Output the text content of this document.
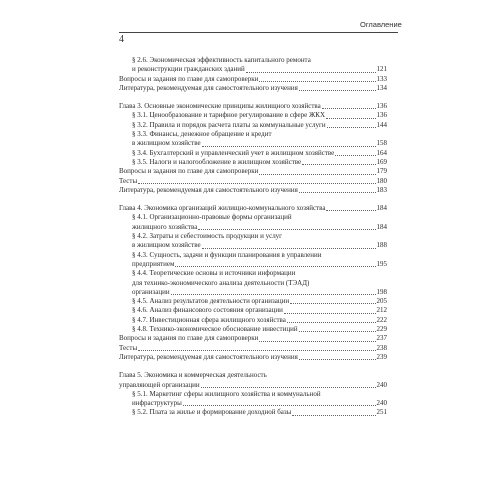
4
Оглавление
§ 2.6. Экономическая эффективность капитального ремонта
и реконструкции гражданских зданий	121
Вопросы и задания по главе для самопроверки	133
Литература, рекомендуемая для самостоятельного изучения	134
Глава 3. Основные экономические принципы жилищного хозяйства	136
§ 3.1. Ценообразование и тарифное регулирование в сфере ЖКХ	136
§ 3.2. Правила и порядок расчета платы за коммунальные услуги	144
§ 3.3. Финансы, денежное обращение и кредит
в жилищном хозяйстве	158
§ 3.4. Бухгалтерский и управленческий учет в жилищном хозяйстве	164
§ 3.5. Налоги и налогообложение в жилищном хозяйстве	169
Вопросы и задания по главе для самопроверки	179
Тесты	180
Литература, рекомендуемая для самостоятельного изучения	183
Глава 4. Экономика организаций жилищно-коммунального хозяйства	184
§ 4.1. Организационно-правовые формы организаций
жилищного хозяйства	184
§ 4.2. Затраты и себестоимость продукции и услуг
в жилищном хозяйстве	188
§ 4.3. Сущность, задачи и функции планирования в управлении
предприятием	195
§ 4.4. Теоретические основы и источники информации
для технико-экономического анализа деятельности (ТЭАД)
организации	198
§ 4.5. Анализ результатов деятельности организации	205
§ 4.6. Анализ финансового состояния организации	212
§ 4.7. Инвестиционная сфера жилищного хозяйства	222
§ 4.8. Технико-экономическое обоснование инвестиций	229
Вопросы и задания по главе для самопроверки	237
Тесты	238
Литература, рекомендуемая для самостоятельного изучения	239
Глава 5. Экономика и коммерческая деятельность
управляющей организации	240
§ 5.1. Маркетинг сферы жилищного хозяйства и коммунальной
инфраструктуры	240
§ 5.2. Плата за жилье и формирование доходной базы	251
